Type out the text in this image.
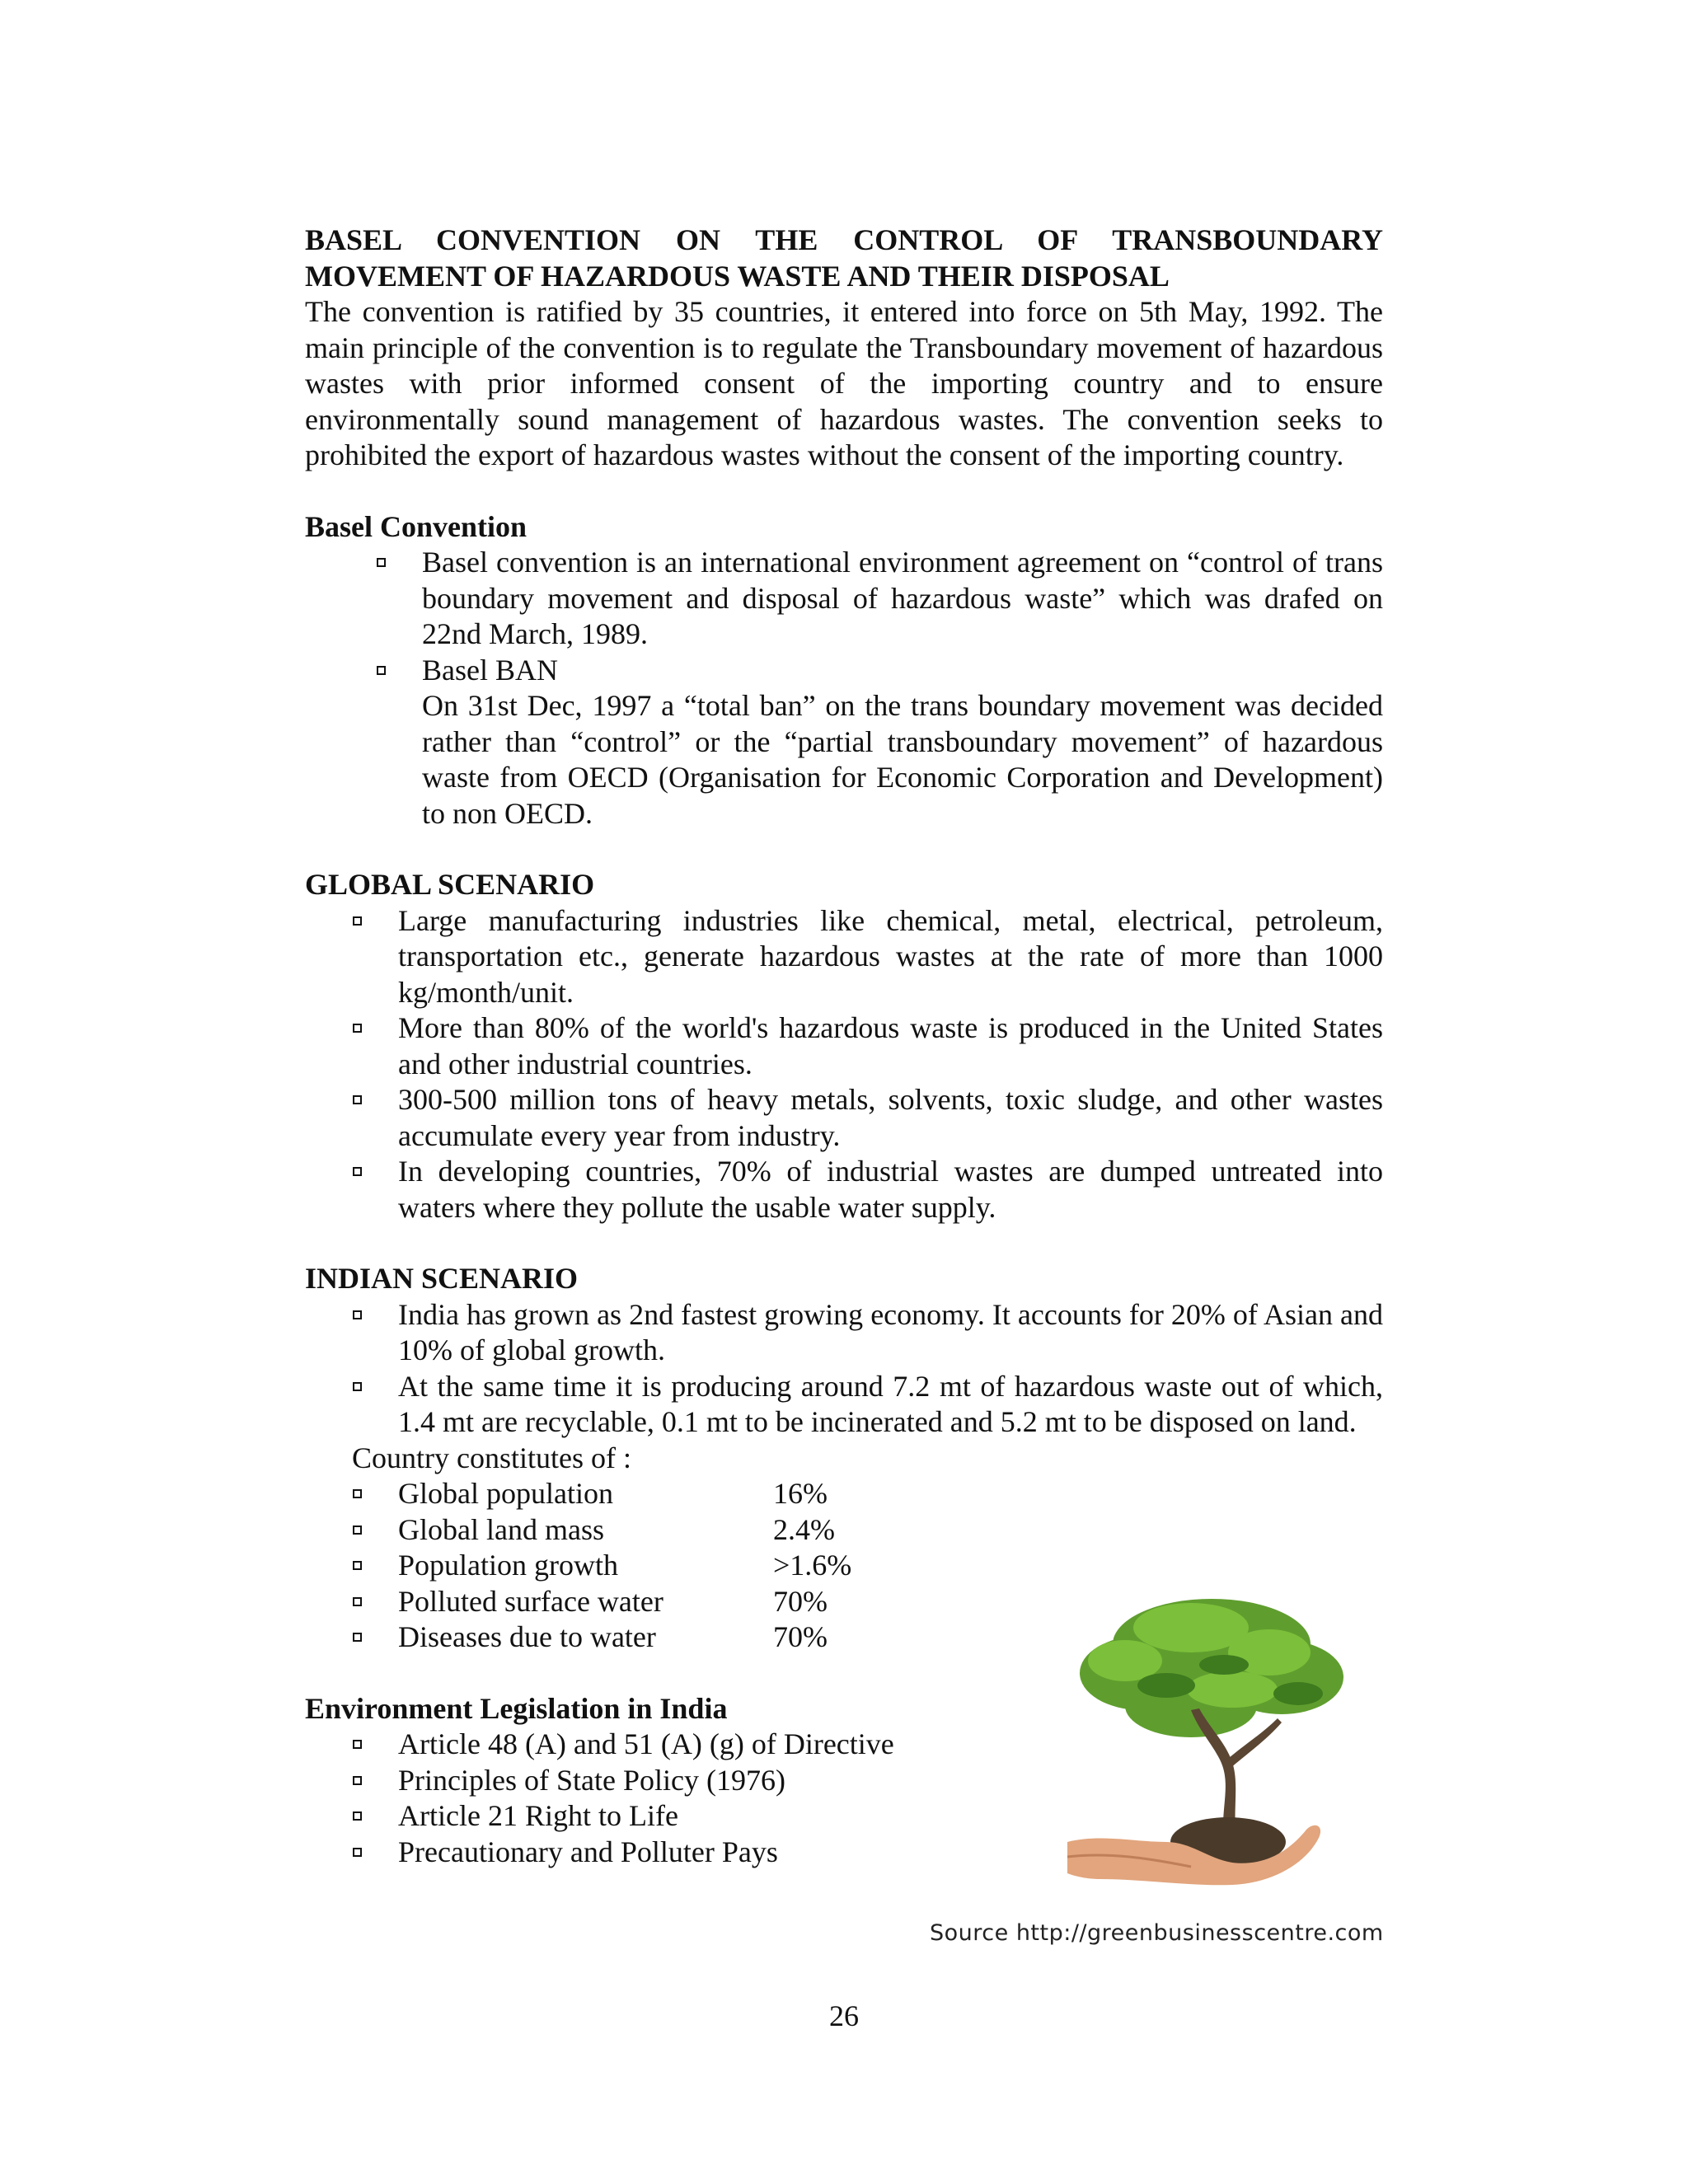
BASEL CONVENTION ON THE CONTROL OF TRANSBOUNDARY MOVEMENT OF HAZARDOUS WASTE AND THEIR DISPOSAL

The convention is ratified by 35 countries, it entered into force on 5th May, 1992. The main principle of the convention is to regulate the Transboundary movement of hazardous wastes with prior informed consent of the importing country and to ensure environmentally sound management of hazardous wastes. The convention seeks to prohibited the export of hazardous wastes without the consent of the importing country.

Basel Convention

Basel convention is an international environment agreement on “control of trans boundary movement and disposal of hazardous waste” which was drafed on 22nd March, 1989.
Basel BAN
On 31st Dec, 1997 a “total ban” on the trans boundary movement was decided rather than “control” or the “partial transboundary movement” of hazardous waste from OECD (Organisation for Economic Corporation and Development) to non OECD.

GLOBAL SCENARIO

Large manufacturing industries like chemical, metal, electrical, petroleum, transportation etc., generate hazardous wastes at the rate of more than 1000 kg/month/unit.
More than 80% of the world's hazardous waste is produced in the United States and other industrial countries.
300-500 million tons of heavy metals, solvents, toxic sludge, and other wastes accumulate every year from industry.
In developing countries, 70% of industrial wastes are dumped untreated into waters where they pollute the usable water supply.

INDIAN SCENARIO

India has grown as 2nd fastest growing economy. It accounts for 20% of Asian and 10% of global growth.
At the same time it is producing around 7.2 mt of hazardous waste out of which, 1.4 mt are recyclable, 0.1 mt to be incinerated and 5.2 mt to be disposed on land.

Country constitutes of :

Global population	16%
Global land mass	2.4%
Population growth	>1.6%
Polluted surface water	70%
Diseases due to water	70%

Environment Legislation in India

Article 48 (A) and 51 (A) (g) of Directive
Principles of State Policy (1976)
Article 21 Right to Life
Precautionary and Polluter Pays
Source http://greenbusinesscentre.com
26
